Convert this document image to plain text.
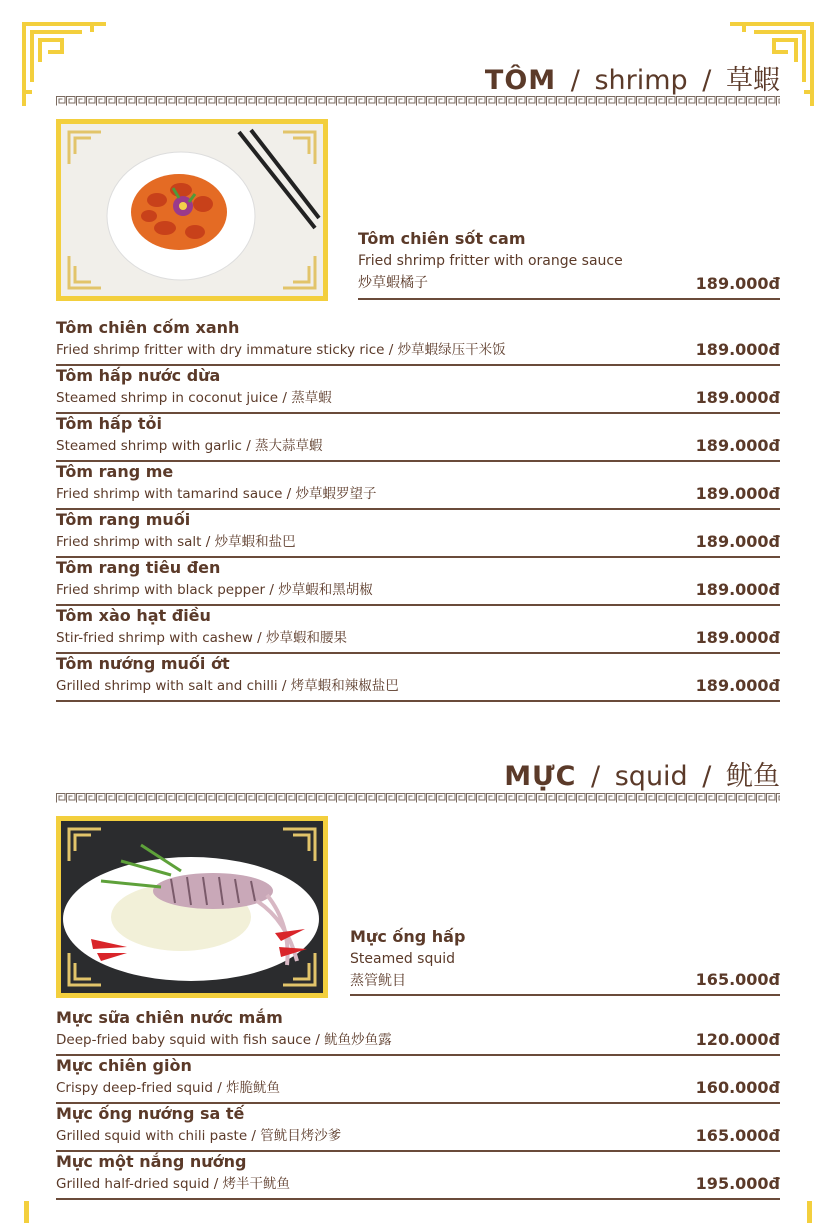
TÔM / shrimp / 草蝦
Tôm chiên sốt cam
Fried shrimp fritter with orange sauce
炒草蝦橘子	189.000đ
Tôm chiên cốm xanh
Fried shrimp fritter with dry immature sticky rice / 炒草蝦绿压干米饭	189.000đ
Tôm hấp nước dừa
Steamed shrimp in coconut juice / 蒸草蝦	189.000đ
Tôm hấp tỏi
Steamed shrimp with garlic / 蒸大蒜草蝦	189.000đ
Tôm rang me
Fried shrimp with tamarind sauce / 炒草蝦罗望子	189.000đ
Tôm rang muối
Fried shrimp with salt / 炒草蝦和盐巴	189.000đ
Tôm rang tiêu đen
Fried shrimp with black pepper / 炒草蝦和黑胡椒	189.000đ
Tôm xào hạt điều
Stir-fried shrimp with cashew / 炒草蝦和腰果	189.000đ
Tôm nướng muối ớt
Grilled shrimp with salt and chilli / 烤草蝦和辣椒盐巴	189.000đ
MỰC / squid / 鱿鱼
Mực ống hấp
Steamed squid
蒸管鱿目	165.000đ
Mực sữa chiên nước mắm
Deep-fried baby squid with fish sauce / 鱿鱼炒鱼露	120.000đ
Mực chiên giòn
Crispy deep-fried squid / 炸脆鱿鱼	160.000đ
Mực ống nướng sa tế
Grilled squid with chili paste / 管鱿目烤沙爹	165.000đ
Mực một nắng nướng
Grilled half-dried squid / 烤半干鱿鱼	195.000đ
